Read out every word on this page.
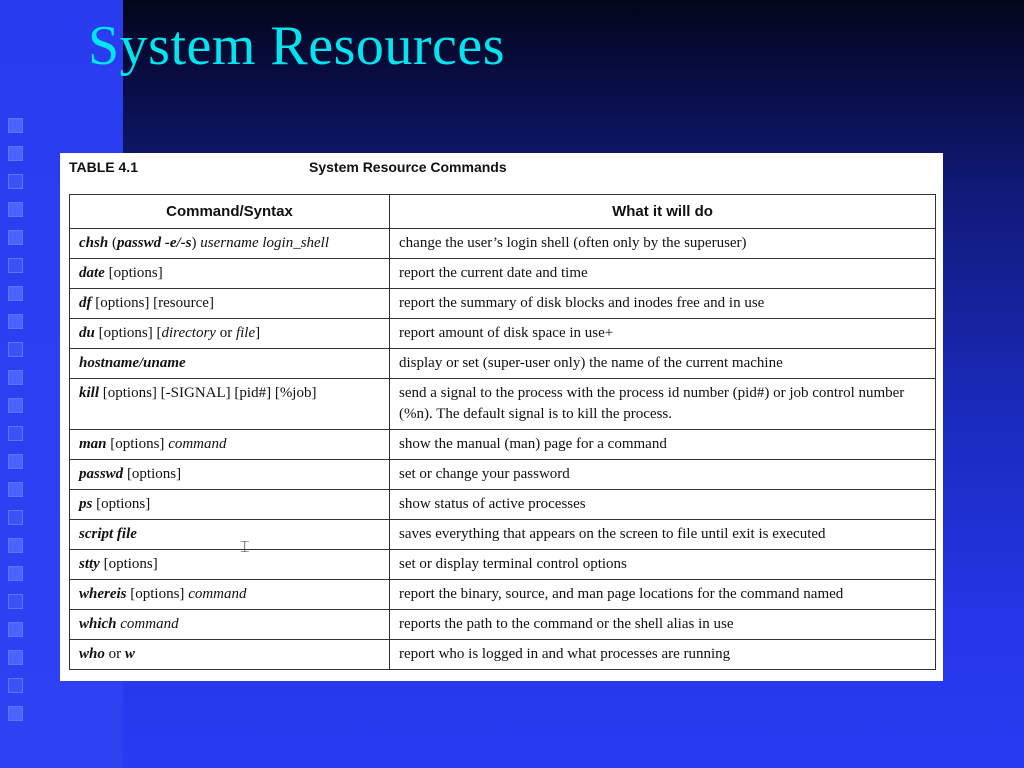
System Resources
TABLE 4.1	System Resource Commands
Command/Syntax	What it will do
chsh (passwd -e/-s) username login_shell	change the user’s login shell (often only by the superuser)
date [options]	report the current date and time
df [options] [resource]	report the summary of disk blocks and inodes free and in use
du [options] [directory or file]	report amount of disk space in use+
hostname/uname	display or set (super-user only) the name of the current machine
kill [options] [-SIGNAL] [pid#] [%job]	send a signal to the process with the process id number (pid#) or job control number (%n). The default signal is to kill the process.
man [options] command	show the manual (man) page for a command
passwd [options]	set or change your password
ps [options]	show status of active processes
script file	saves everything that appears on the screen to file until exit is executed
stty [options]	set or display terminal control options
whereis [options] command	report the binary, source, and man page locations for the command named
which command	reports the path to the command or the shell alias in use
who or w	report who is logged in and what processes are running
⌶
